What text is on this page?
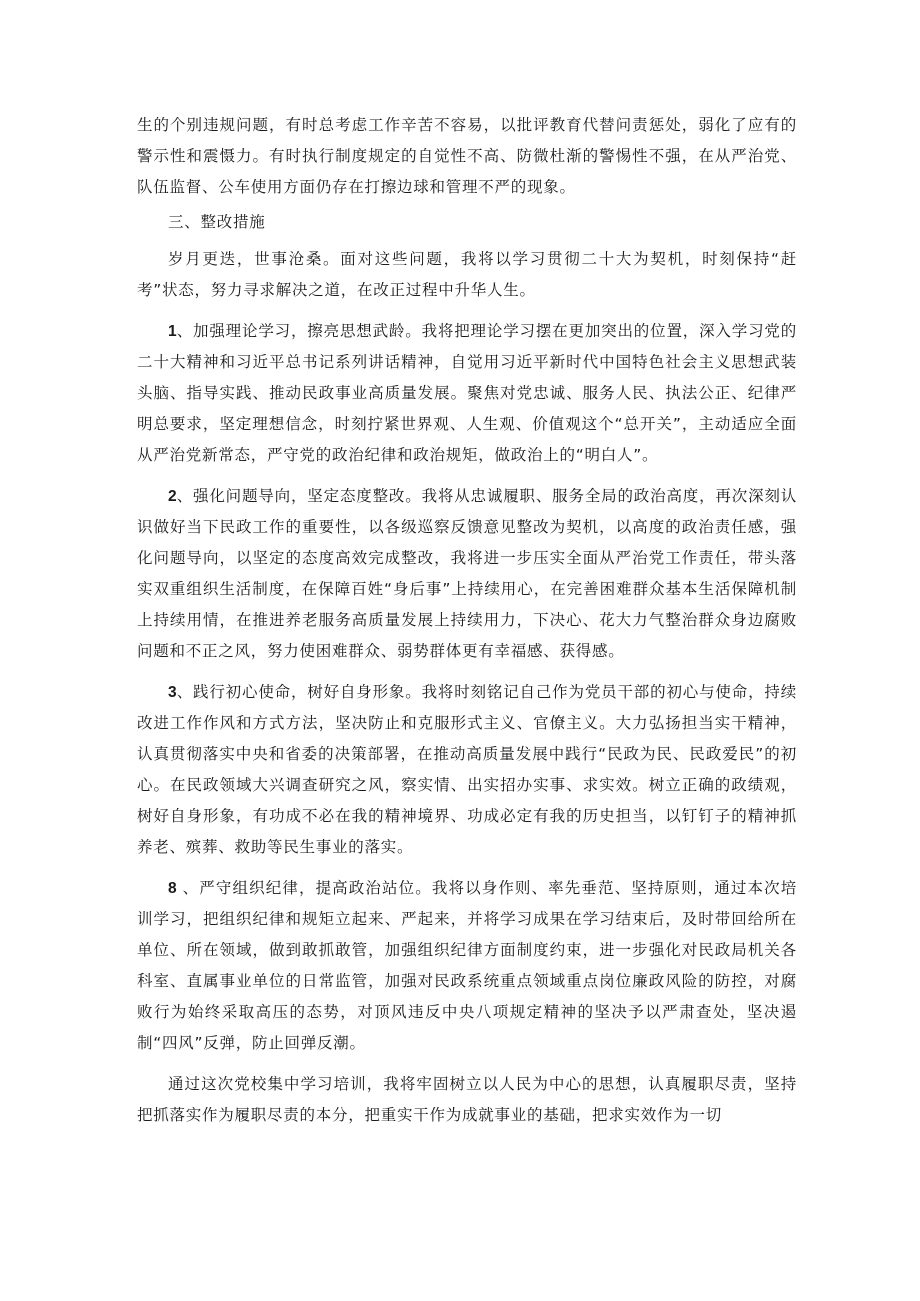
生的个别违规问题，有时总考虑工作辛苦不容易，以批评教育代替问责惩处，弱化了应有的警示性和震慑力。有时执行制度规定的自觉性不高、防微杜渐的警惕性不强，在从严治党、队伍监督、公车使用方面仍存在打擦边球和管理不严的现象。

三、整改措施

岁月更迭，世事沧桑。面对这些问题，我将以学习贯彻二十大为契机，时刻保持“赶考”状态，努力寻求解决之道，在改正过程中升华人生。

1、加强理论学习，擦亮思想武龄。我将把理论学习摆在更加突出的位置，深入学习党的二十大精神和习近平总书记系列讲话精神，自觉用习近平新时代中国特色社会主义思想武装头脑、指导实践、推动民政事业高质量发展。聚焦对党忠诚、服务人民、执法公正、纪律严明总要求，坚定理想信念，时刻拧紧世界观、人生观、价值观这个“总开关”，主动适应全面从严治党新常态，严守党的政治纪律和政治规矩，做政治上的“明白人”。

2、强化问题导向，坚定态度整改。我将从忠诚履职、服务全局的政治高度，再次深刻认识做好当下民政工作的重要性，以各级巡察反馈意见整改为契机，以高度的政治责任感，强化问题导向，以坚定的态度高效完成整改，我将进一步压实全面从严治党工作责任，带头落实双重组织生活制度，在保障百姓“身后事”上持续用心，在完善困难群众基本生活保障机制上持续用情，在推进养老服务高质量发展上持续用力，下决心、花大力气整治群众身边腐败问题和不正之风，努力使困难群众、弱势群体更有幸福感、获得感。

3、践行初心使命，树好自身形象。我将时刻铭记自己作为党员干部的初心与使命，持续改进工作作风和方式方法，坚决防止和克服形式主义、官僚主义。大力弘扬担当实干精神，认真贯彻落实中央和省委的决策部署，在推动高质量发展中践行“民政为民、民政爱民”的初心。在民政领域大兴调查研究之风，察实情、出实招办实事、求实效。树立正确的政绩观，树好自身形象，有功成不必在我的精神境界、功成必定有我的历史担当，以钉钉子的精神抓养老、殡葬、救助等民生事业的落实。

8 、严守组织纪律，提高政治站位。我将以身作则、率先垂范、坚持原则，通过本次培训学习，把组织纪律和规矩立起来、严起来，并将学习成果在学习结束后，及时带回给所在单位、所在领域，做到敢抓敢管，加强组织纪律方面制度约束，进一步强化对民政局机关各科室、直属事业单位的日常监管，加强对民政系统重点领域重点岗位廉政风险的防控，对腐败行为始终采取高压的态势，对顶风违反中央八项规定精神的坚决予以严肃查处，坚决遏制“四风”反弹，防止回弹反潮。

通过这次党校集中学习培训，我将牢固树立以人民为中心的思想，认真履职尽责，坚持把抓落实作为履职尽责的本分，把重实干作为成就事业的基础，把求实效作为一切
